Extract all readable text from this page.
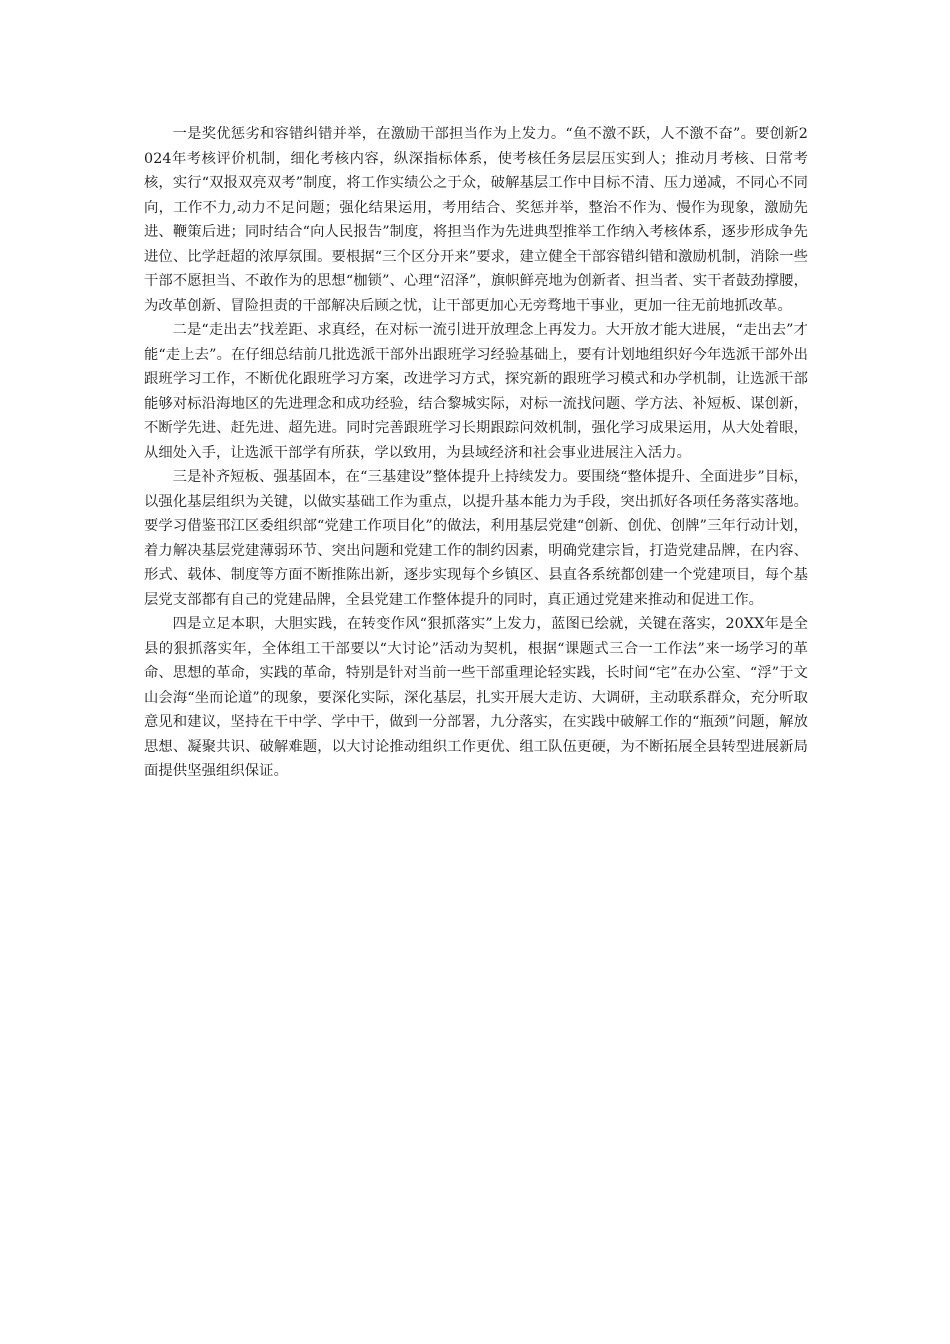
一是奖优惩劣和容错纠错并举，在激励干部担当作为上发力。“鱼不激不跃，人不激不奋”。要创新2024年考核评价机制，细化考核内容，纵深指标体系，使考核任务层层压实到人；推动月考核、日常考核，实行“双报双亮双考”制度，将工作实绩公之于众，破解基层工作中目标不清、压力递减，不同心不同向，工作不力,动力不足问题；强化结果运用，考用结合、奖惩并举，整治不作为、慢作为现象，激励先进、鞭策后进；同时结合“向人民报告”制度，将担当作为先进典型推举工作纳入考核体系，逐步形成争先进位、比学赶超的浓厚氛围。要根据“三个区分开来”要求，建立健全干部容错纠错和激励机制，消除一些干部不愿担当、不敢作为的思想“枷锁”、心理“沼泽”，旗帜鲜亮地为创新者、担当者、实干者鼓劲撑腰，为改革创新、冒险担责的干部解决后顾之忧，让干部更加心无旁骛地干事业，更加一往无前地抓改革。

二是“走出去”找差距、求真经，在对标一流引进开放理念上再发力。大开放才能大进展，“走出去”才能“走上去”。在仔细总结前几批选派干部外出跟班学习经验基础上，要有计划地组织好今年选派干部外出跟班学习工作，不断优化跟班学习方案，改进学习方式，探究新的跟班学习模式和办学机制，让选派干部能够对标沿海地区的先进理念和成功经验，结合黎城实际，对标一流找问题、学方法、补短板、谋创新，不断学先进、赶先进、超先进。同时完善跟班学习长期跟踪问效机制，强化学习成果运用，从大处着眼，从细处入手，让选派干部学有所获，学以致用，为县域经济和社会事业进展注入活力。

三是补齐短板、强基固本，在“三基建设”整体提升上持续发力。要围绕“整体提升、全面进步”目标，以强化基层组织为关键，以做实基础工作为重点，以提升基本能力为手段，突出抓好各项任务落实落地。要学习借鉴邗江区委组织部“党建工作项目化”的做法，利用基层党建“创新、创优、创牌”三年行动计划，着力解决基层党建薄弱环节、突出问题和党建工作的制约因素，明确党建宗旨，打造党建品牌，在内容、形式、载体、制度等方面不断推陈出新，逐步实现每个乡镇区、县直各系统都创建一个党建项目，每个基层党支部都有自己的党建品牌，全县党建工作整体提升的同时，真正通过党建来推动和促进工作。

四是立足本职，大胆实践，在转变作风“狠抓落实”上发力，蓝图已绘就，关键在落实，20XX年是全县的狠抓落实年，全体组工干部要以“大讨论”活动为契机，根据“课题式三合一工作法”来一场学习的革命、思想的革命，实践的革命，特别是针对当前一些干部重理论轻实践，长时间“宅”在办公室、“浮”于文山会海“坐而论道”的现象，要深化实际，深化基层，扎实开展大走访、大调研，主动联系群众，充分听取意见和建议，坚持在干中学、学中干，做到一分部署，九分落实，在实践中破解工作的“瓶颈”问题，解放思想、凝聚共识、破解难题，以大讨论推动组织工作更优、组工队伍更硬，为不断拓展全县转型进展新局面提供坚强组织保证。
